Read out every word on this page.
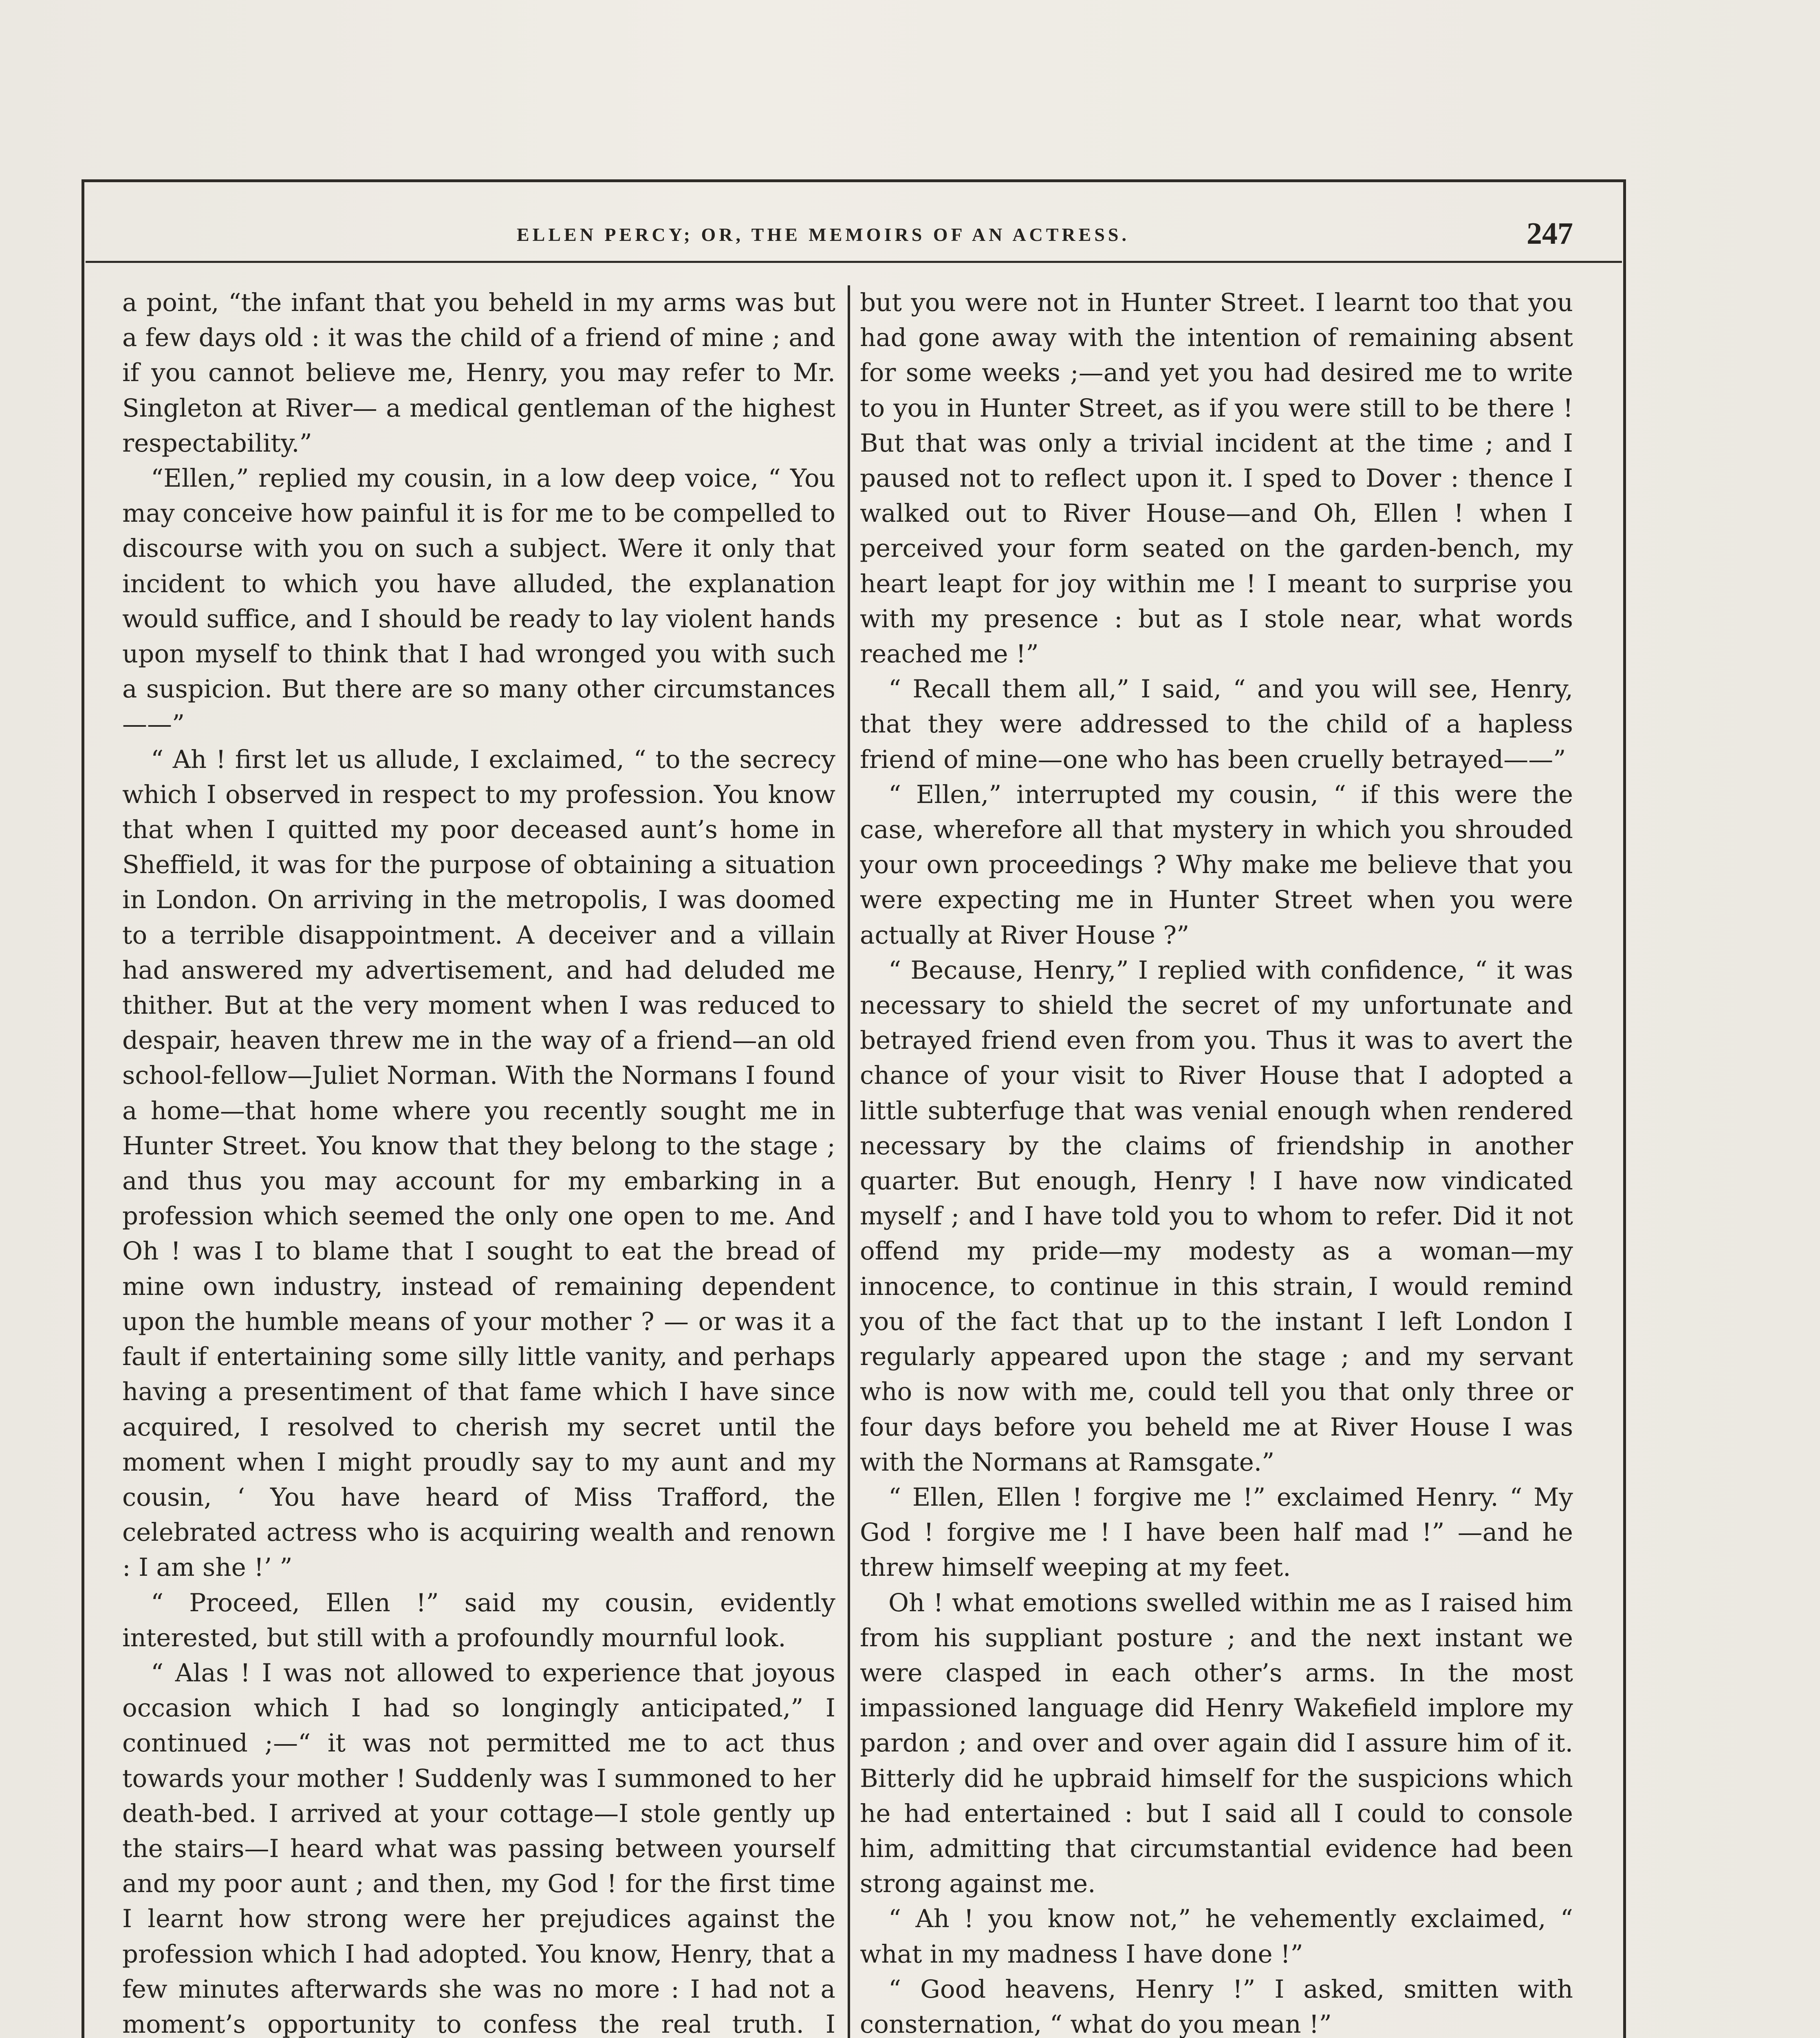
ELLEN PERCY; OR, THE MEMOIRS OF AN ACTRESS.	247

a point, “the infant that you beheld in my arms was but a few days old : it was the child of a friend of mine ; and if you cannot believe me, Henry, you may refer to Mr. Singleton at River— a medical gentleman of the highest respectability.”

“Ellen,” replied my cousin, in a low deep voice, “ You may conceive how painful it is for me to be compelled to discourse with you on such a subject. Were it only that incident to which you have alluded, the explanation would suffice, and I should be ready to lay violent hands upon myself to think that I had wronged you with such a suspicion. But there are so many other circumstances——”

“ Ah ! first let us allude, I exclaimed, “ to the secrecy which I observed in respect to my profession. You know that when I quitted my poor deceased aunt’s home in Sheffield, it was for the purpose of obtaining a situation in London. On arriving in the metropolis, I was doomed to a terrible disappointment. A deceiver and a villain had answered my advertisement, and had deluded me thither. But at the very moment when I was reduced to despair, heaven threw me in the way of a friend—an old school-fellow—Juliet Norman. With the Normans I found a home—that home where you recently sought me in Hunter Street. You know that they belong to the stage ; and thus you may account for my embarking in a profession which seemed the only one open to me. And Oh ! was I to blame that I sought to eat the bread of mine own industry, instead of remaining dependent upon the humble means of your mother ? — or was it a fault if entertaining some silly little vanity, and perhaps having a presentiment of that fame which I have since acquired, I resolved to cherish my secret until the moment when I might proudly say to my aunt and my cousin, ‘ You have heard of Miss Trafford, the celebrated actress who is acquiring wealth and renown : I am she !’ ”

“ Proceed, Ellen !” said my cousin, evidently interested, but still with a profoundly mournful look.

“ Alas ! I was not allowed to experience that joyous occasion which I had so longingly anticipated,” I continued ;—“ it was not permitted me to act thus towards your mother ! Suddenly was I summoned to her death-bed. I arrived at your cottage—I stole gently up the stairs—I heard what was passing between yourself and my poor aunt ; and then, my God ! for the first time I learnt how strong were her prejudices against the profession which I had adopted. You know, Henry, that a few minutes afterwards she was no more : I had not a moment’s opportunity to confess the real truth. I

but you were not in Hunter Street. I learnt too that you had gone away with the intention of remaining absent for some weeks ;—and yet you had desired me to write to you in Hunter Street, as if you were still to be there ! But that was only a trivial incident at the time ; and I paused not to reflect upon it. I sped to Dover : thence I walked out to River House—and Oh, Ellen ! when I perceived your form seated on the garden-bench, my heart leapt for joy within me ! I meant to surprise you with my presence : but as I stole near, what words reached me !”

“ Recall them all,” I said, “ and you will see, Henry, that they were addressed to the child of a hapless friend of mine—one who has been cruelly betrayed——”

“ Ellen,” interrupted my cousin, “ if this were the case, wherefore all that mystery in which you shrouded your own proceedings ? Why make me believe that you were expecting me in Hunter Street when you were actually at River House ?”

“ Because, Henry,” I replied with confidence, “ it was necessary to shield the secret of my unfortunate and betrayed friend even from you. Thus it was to avert the chance of your visit to River House that I adopted a little subterfuge that was venial enough when rendered necessary by the claims of friendship in another quarter. But enough, Henry ! I have now vindicated myself ; and I have told you to whom to refer. Did it not offend my pride—my modesty as a woman—my innocence, to continue in this strain, I would remind you of the fact that up to the instant I left London I regularly appeared upon the stage ; and my servant who is now with me, could tell you that only three or four days before you beheld me at River House I was with the Normans at Ramsgate.”

“ Ellen, Ellen ! forgive me !” exclaimed Henry. “ My God ! forgive me ! I have been half mad !” —and he threw himself weeping at my feet.

Oh ! what emotions swelled within me as I raised him from his suppliant posture ; and the next instant we were clasped in each other’s arms. In the most impassioned language did Henry Wakefield implore my pardon ; and over and over again did I assure him of it. Bitterly did he upbraid himself for the suspicions which he had entertained : but I said all I could to console him, admitting that circumstantial evidence had been strong against me.

“ Ah ! you know not,” he vehemently exclaimed, “ what in my madness I have done !”

“ Good heavens, Henry !” I asked, smitten with consternation, “ what do you mean !”
